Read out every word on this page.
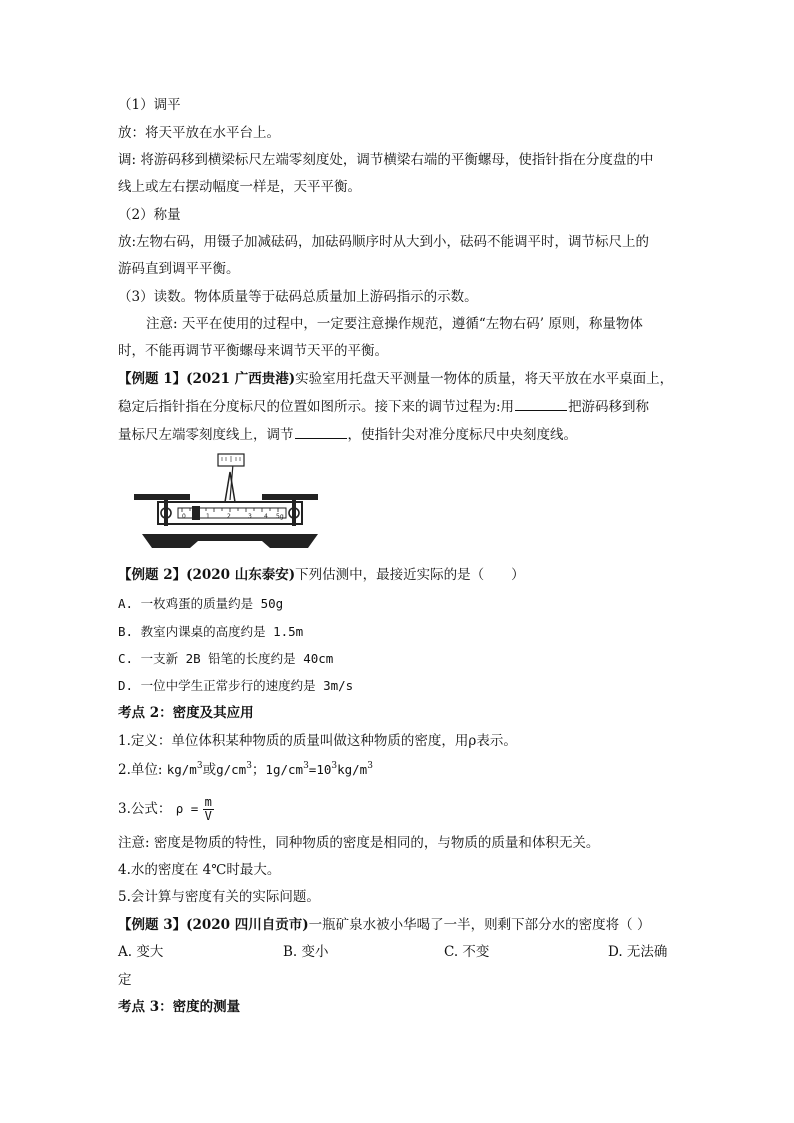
（1）调平
放：将天平放在水平台上。
调: 将游码移到横梁标尺左端零刻度处，调节横梁右端的平衡螺母，使指针指在分度盘的中
线上或左右摆动幅度一样是，天平平衡。
（2）称量
放:左物右码，用镊子加减砝码，加砝码顺序时从大到小，砝码不能调平时，调节标尺上的
游码直到调平平衡。
（3）读数。物体质量等于砝码总质量加上游码指示的示数。
注意: 天平在使用的过程中，一定要注意操作规范，遵循“左物右码’ 原则，称量物体
时，不能再调节平衡螺母来调节天平的平衡。
【例题 1】(2021 广西贵港)实验室用托盘天平测量一物体的质量，将天平放在水平桌面上，
稳定后指针指在分度标尺的位置如图所示。接下来的调节过程为:用	把游码移到称
量标尺左端零刻度线上，调节	，使指针尖对准分度标尺中央刻度线。
0	1	2	3 4 5g
【例题 2】(2020 山东泰安)下列估测中，最接近实际的是（　　）
A. 一枚鸡蛋的质量约是 50g
B. 教室内课桌的高度约是 1.5m
C. 一支新 2B 铅笔的长度约是 40cm
D. 一位中学生正常步行的速度约是 3m/s
考点 2：密度及其应用
1.定义：单位体积某种物质的质量叫做这种物质的密度，用ρ表示。
2.单位: $kg/m^3$或$g/cm^3$；$1g/cm^3=10^3kg/m^3$
3.公式： $\rho = \frac{m}{V}$
注意: 密度是物质的特性，同种物质的密度是相同的，与物质的质量和体积无关。
4.水的密度在 4℃时最大。
5.会计算与密度有关的实际问题。
【例题 3】(2020 四川自贡市)一瓶矿泉水被小华喝了一半，则剩下部分水的密度将（ ）
A. 变大	B. 变小	C. 不变	D. 无法确
定
考点 3：密度的测量
